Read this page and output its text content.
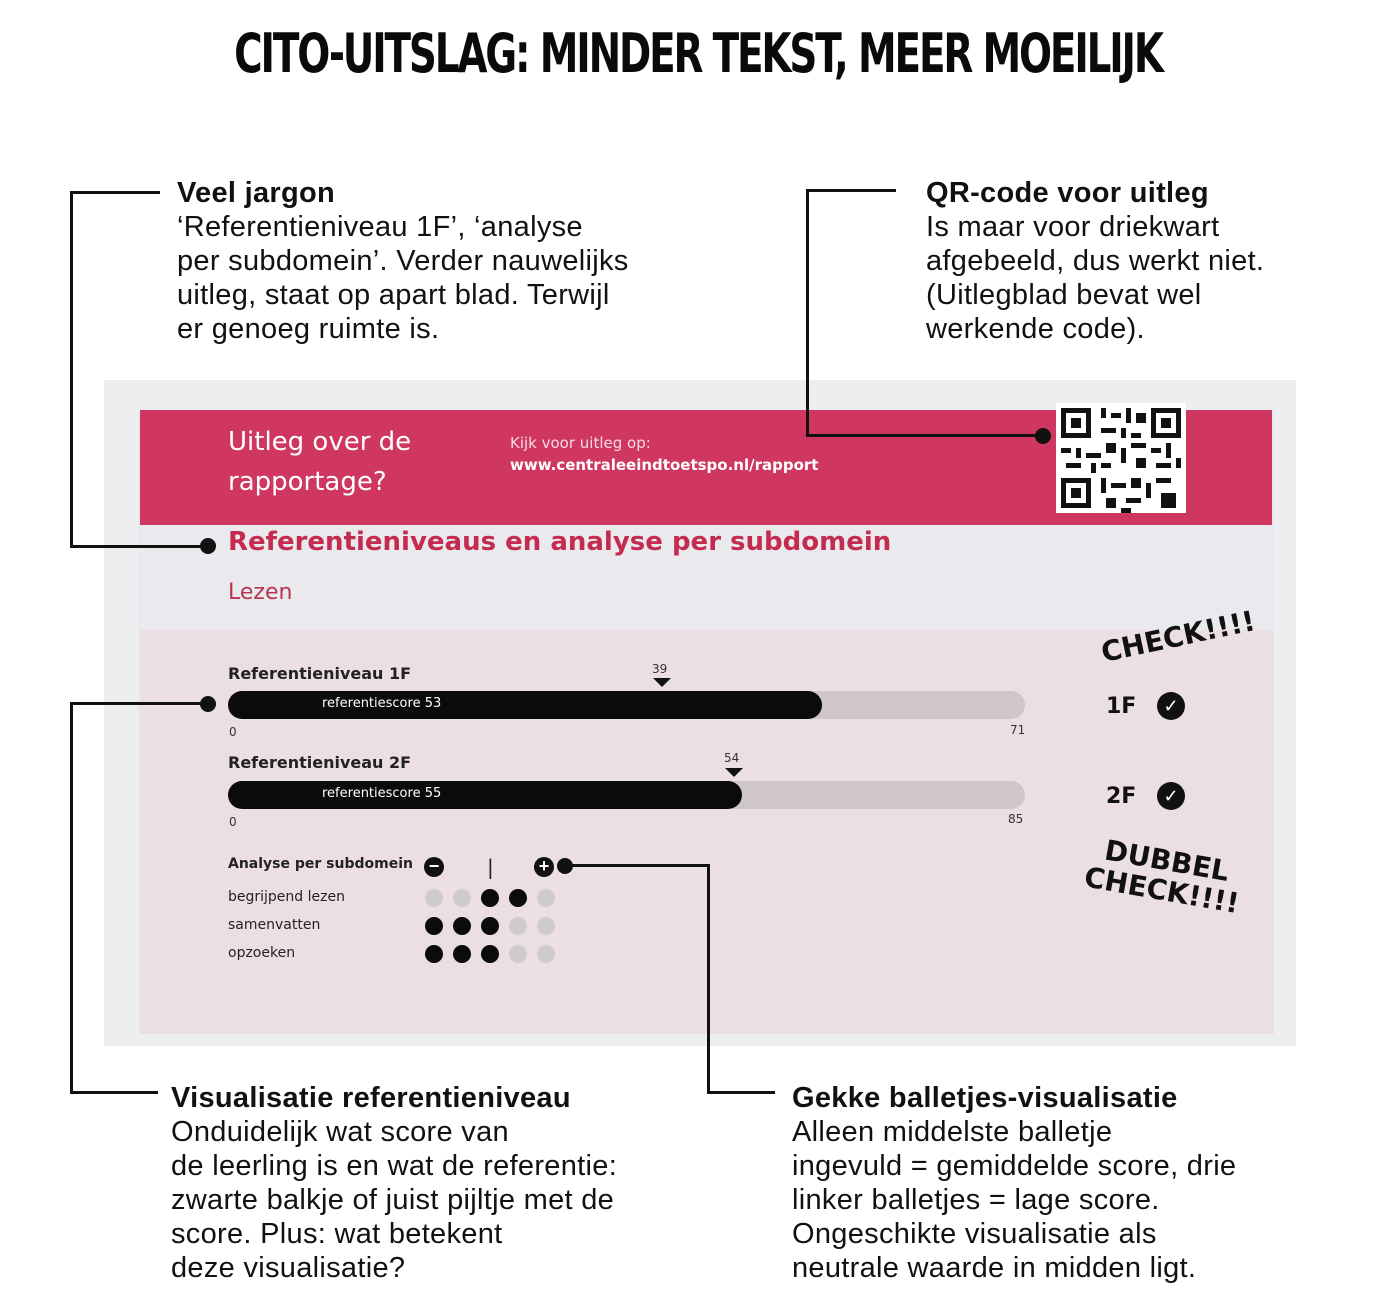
CITO-UITSLAG: MINDER TEKST, MEER MOEILIJK
Veel jargon
‘Referentieniveau 1F’, ‘analyse
per subdomein’. Verder nauwelijks
uitleg, staat op apart blad. Terwijl
er genoeg ruimte is.
QR-code voor uitleg
Is maar voor driekwart
afgebeeld, dus werkt niet.
(Uitlegblad bevat wel
werkende code).
Visualisatie referentieniveau
Onduidelijk wat score van
de leerling is en wat de referentie:
zwarte balkje of juist pijltje met de
score. Plus: wat betekent
deze visualisatie?
Gekke balletjes-visualisatie
Alleen middelste balletje
ingevuld = gemiddelde score, drie
linker balletjes = lage score.
Ongeschikte visualisatie als
neutrale waarde in midden ligt.
Uitleg over de
rapportage?
Kijk voor uitleg op:
www.centraleeindtoetspo.nl/rapport
Referentieniveaus en analyse per subdomein
Lezen
Referentieniveau 1F	39
referentiescore 53
0	71
1F	✓
Referentieniveau 2F	54
referentiescore 55
0	85
2F	✓
CHECK!!!!
DUBBEL
CHECK!!!!
Analyse per subdomein − | +
begrijpend lezen
samenvatten
opzoeken
